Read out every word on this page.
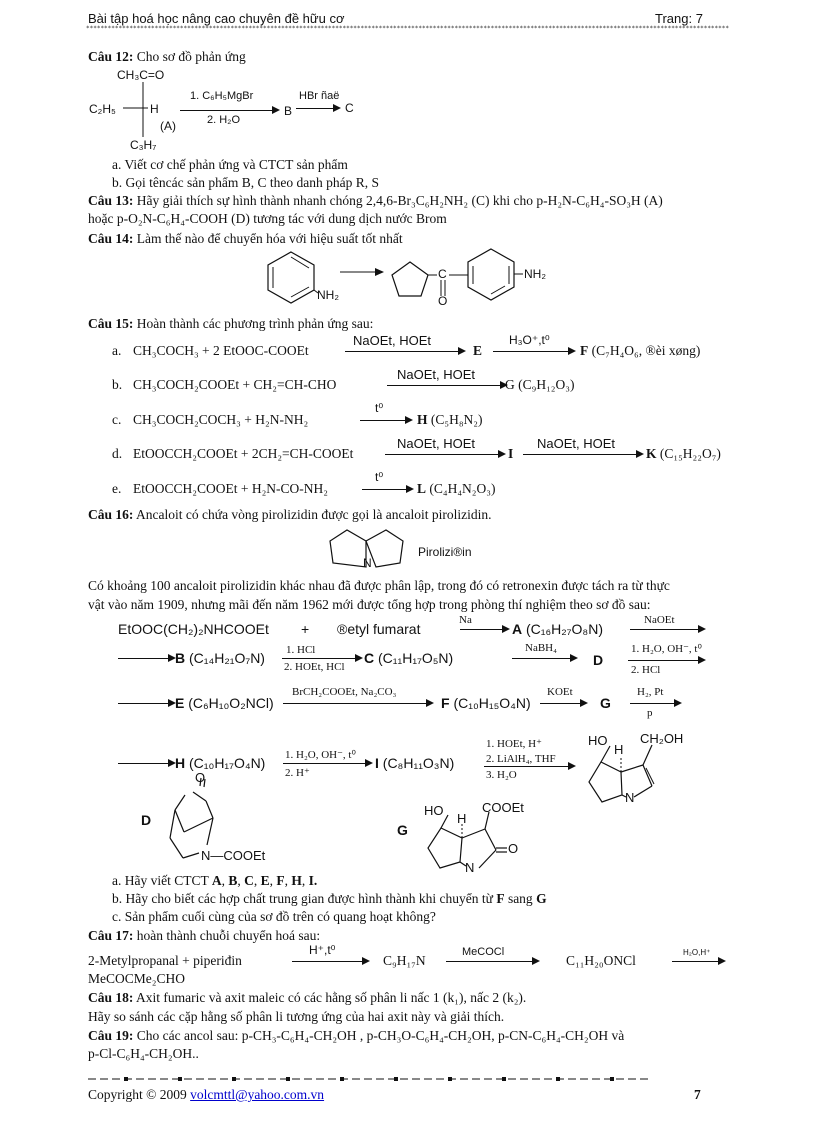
Bài tập hoá học nâng cao chuyên đề hữu cơ	Trang: 7
**********************************************************************************************************************************************************************************
Câu 12: Cho sơ đồ phản ứng
CH₃C=O
C₂H₅	H
(A)
C₃H₇
1. C₆H₅MgBr
2. H₂O
B
HBr ñaë
C
a. Viết cơ chế phản ứng và CTCT sản phẩm
b. Gọi têncác sản phẩm B, C theo danh pháp R, S
Câu 13: Hãy giải thích sự hình thành nhanh chóng 2,4,6-Br₃C₆H₂NH₂ (C) khi cho p-H₂N-C₆H₄-SO₃H (A)
hoặc p-O₂N-C₆H₄-COOH (D) tương tác với dung dịch nước Brom
Câu 14: Làm thế nào để chuyển hóa với hiệu suất tốt nhất
NH₂
C
O
NH₂
Câu 15: Hoàn thành các phương trình phản ứng sau:
a. CH₃COCH₃ + 2 EtOOC-COOEt
NaOEt, HOEt
E
H₃O⁺,t⁰
F (C₇H₄O₆, ®èi xøng)
b. CH₃COCH₂COOEt + CH₂=CH-CHO
NaOEt, HOEt
G (C₉H₁₂O₃)
c. CH₃COCH₂COCH₃ + H₂N-NH₂
t⁰
H (C₅H₈N₂)
d. EtOOCCH₂COOEt + 2CH₂=CH-COOEt
NaOEt, HOEt
I
NaOEt, HOEt
K (C₁₅H₂₂O₇)
e. EtOOCCH₂COOEt + H₂N-CO-NH₂
t⁰
L (C₄H₄N₂O₃)
Câu 16: Ancaloit có chứa vòng pirolizidin được gọi là ancaloit pirolizidin.
N
Pirolizi®in
Có khoảng 100 ancaloit pirolizidin khác nhau đã được phân lập, trong đó có retronexin được tách ra từ thực
vật vào năm 1909, nhưng mãi đến năm 1962 mới được tổng hợp trong phòng thí nghiệm theo sơ đồ sau:
EtOOC(CH₂)₂NHCOOEt + ®etyl fumarat
Na
A (C₁₆H₂₇O₈N)
NaOEt
B (C₁₄H₂₁O₇N) 1. HCl
2. HOEt, HCl
C (C₁₁H₁₇O₅N)
NaBH₄
D
1. H₂O, OH⁻, t⁰
2. HCl
E (C₆H₁₀O₂NCl)
BrCH₂COOEt, Na₂CO₃
F (C₁₀H₁₅O₄N)
KOEt
G
H₂, Pt
p
H (C₁₀H₁₇O₄N) 1. H₂O, OH⁻, t⁰
2. H⁺
I (C₈H₁₁O₃N)
1. HOEt, H⁺
2. LiAlH₄, THF
3. H₂O
HO
H
CH₂OH
N
D
O
N—COOEt
G
HO
H
COOEt
N
O
a. Hãy viết CTCT A, B, C, E, F, H, I.
b. Hãy cho biết các hợp chất trung gian được hình thành khi chuyển từ F sang G
c. Sản phẩm cuối cùng của sơ đồ trên có quang hoạt không?
Câu 17: hoàn thành chuỗi chuyển hoá sau:
2-Metylpropanal + piperiđin
H⁺,t⁰
C₉H₁₇N
MeCOCl
C₁₁H₂₀ONCl
H₂O,H⁺
MeCOCMe₂CHO
Câu 18: Axit fumaric và axit maleic có các hằng số phân li nấc 1 (k₁), nấc 2 (k₂).
Hãy so sánh các cặp hằng số phân li tương ứng của hai axit này và giải thích.
Câu 19: Cho các ancol sau: p-CH₃-C₆H₄-CH₂OH , p-CH₃O-C₆H₄-CH₂OH, p-CN-C₆H₄-CH₂OH và
p-Cl-C₆H₄-CH₂OH..
Copyright © 2009 volcmttl@yahoo.com.vn	7
